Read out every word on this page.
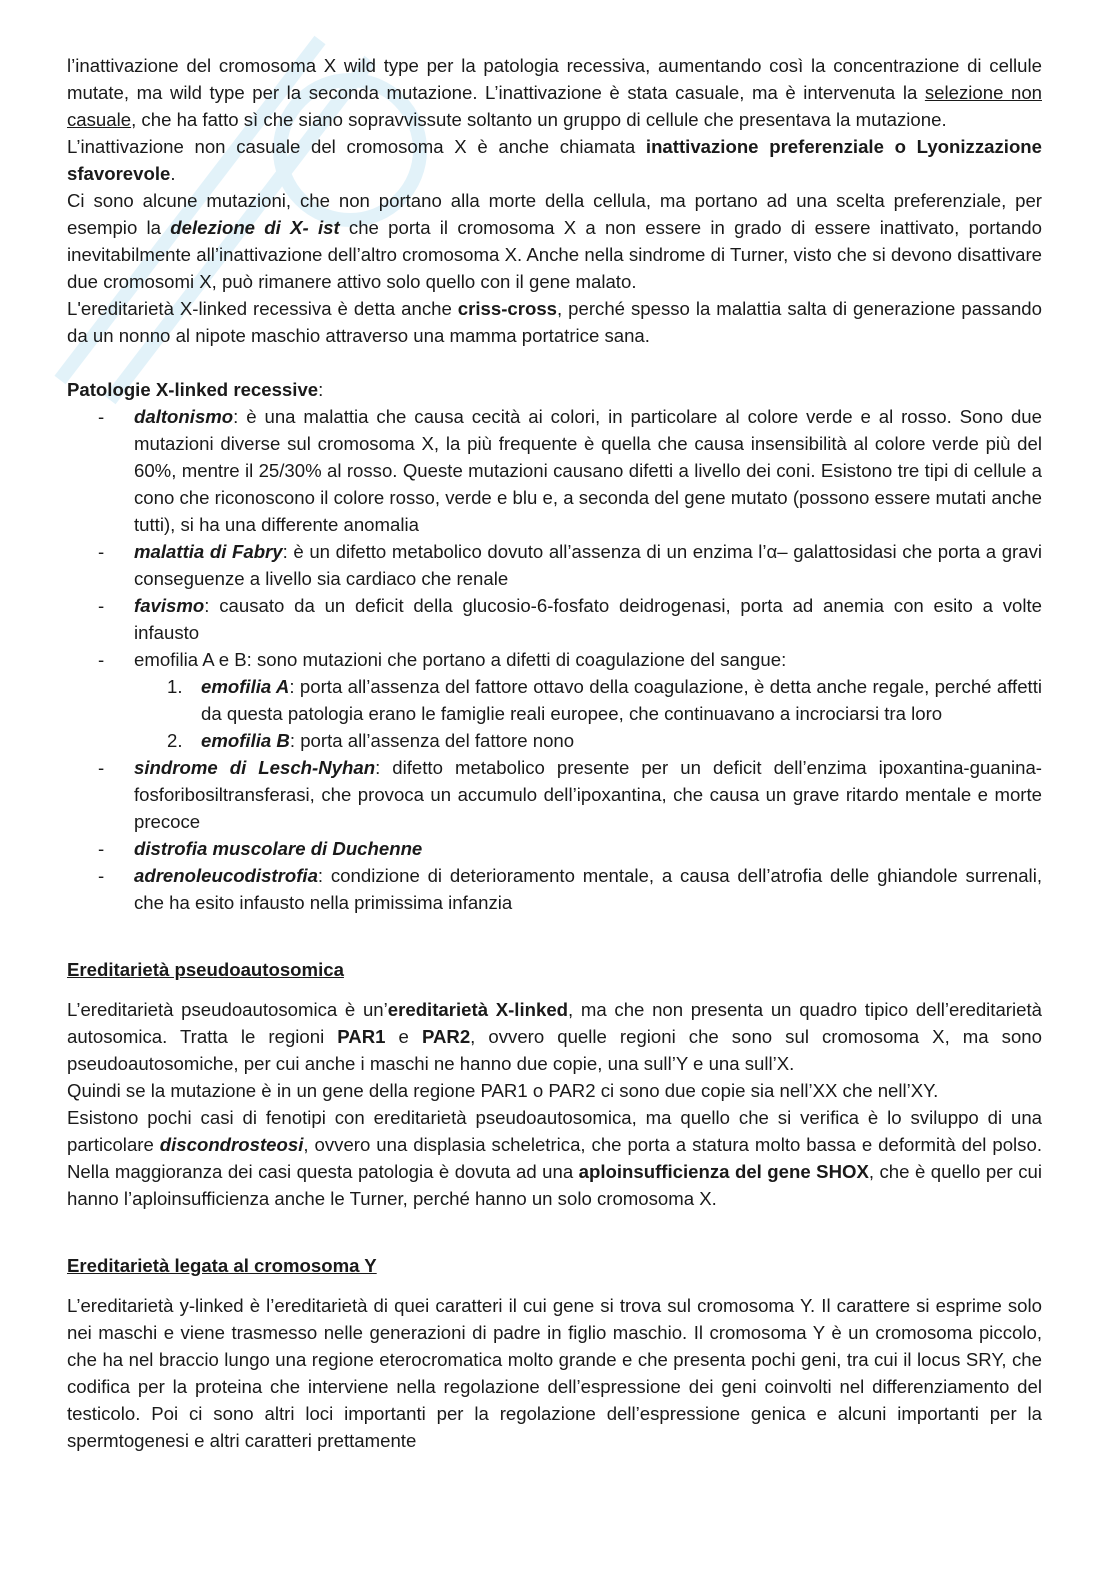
l’inattivazione del cromosoma X wild type per la patologia recessiva, aumentando così la concentrazione di cellule mutate, ma wild type per la seconda mutazione. L’inattivazione è stata casuale, ma è intervenuta la selezione non casuale, che ha fatto sì che siano sopravvissute soltanto un gruppo di cellule che presentava la mutazione.

L’inattivazione non casuale del cromosoma X è anche chiamata inattivazione preferenziale o Lyonizzazione sfavorevole.

Ci sono alcune mutazioni, che non portano alla morte della cellula, ma portano ad una scelta preferenziale, per esempio la delezione di X- ist che porta il cromosoma X a non essere in grado di essere inattivato, portando inevitabilmente all’inattivazione dell’altro cromosoma X. Anche nella sindrome di Turner, visto che si devono disattivare due cromosomi X, può rimanere attivo solo quello con il gene malato.

L'ereditarietà X-linked recessiva è detta anche criss-cross, perché spesso la malattia salta di generazione passando da un nonno al nipote maschio attraverso una mamma portatrice sana.

Patologie X-linked recessive:

- daltonismo: è una malattia che causa cecità ai colori, in particolare al colore verde e al rosso. Sono due mutazioni diverse sul cromosoma X, la più frequente è quella che causa insensibilità al colore verde più del 60%, mentre il 25/30% al rosso. Queste mutazioni causano difetti a livello dei coni. Esistono tre tipi di cellule a cono che riconoscono il colore rosso, verde e blu e, a seconda del gene mutato (possono essere mutati anche tutti), si ha una differente anomalia
- malattia di Fabry: è un difetto metabolico dovuto all’assenza di un enzima l’α– galattosidasi che porta a gravi conseguenze a livello sia cardiaco che renale
- favismo: causato da un deficit della glucosio-6-fosfato deidrogenasi, porta ad anemia con esito a volte infausto
- emofilia A e B: sono mutazioni che portano a difetti di coagulazione del sangue:
1. emofilia A: porta all’assenza del fattore ottavo della coagulazione, è detta anche regale, perché affetti da questa patologia erano le famiglie reali europee, che continuavano a incrociarsi tra loro
2. emofilia B: porta all’assenza del fattore nono
- sindrome di Lesch-Nyhan: difetto metabolico presente per un deficit dell’enzima ipoxantina-guanina-fosforibosiltransferasi, che provoca un accumulo dell’ipoxantina, che causa un grave ritardo mentale e morte precoce
- distrofia muscolare di Duchenne
- adrenoleucodistrofia: condizione di deterioramento mentale, a causa dell’atrofia delle ghiandole surrenali, che ha esito infausto nella primissima infanzia

Ereditarietà pseudoautosomica

L’ereditarietà pseudoautosomica è un’ereditarietà X-linked, ma che non presenta un quadro tipico dell’ereditarietà autosomica. Tratta le regioni PAR1 e PAR2, ovvero quelle regioni che sono sul cromosoma X, ma sono pseudoautosomiche, per cui anche i maschi ne hanno due copie, una sull’Y e una sull’X.

Quindi se la mutazione è in un gene della regione PAR1 o PAR2 ci sono due copie sia nell’XX che nell’XY.

Esistono pochi casi di fenotipi con ereditarietà pseudoautosomica, ma quello che si verifica è lo sviluppo di una particolare discondrosteosi, ovvero una displasia scheletrica, che porta a statura molto bassa e deformità del polso. Nella maggioranza dei casi questa patologia è dovuta ad una aploinsufficienza del gene SHOX, che è quello per cui hanno l’aploinsufficienza anche le Turner, perché hanno un solo cromosoma X.

Ereditarietà legata al cromosoma Y

L’ereditarietà y-linked è l’ereditarietà di quei caratteri il cui gene si trova sul cromosoma Y. Il carattere si esprime solo nei maschi e viene trasmesso nelle generazioni di padre in figlio maschio. Il cromosoma Y è un cromosoma piccolo, che ha nel braccio lungo una regione eterocromatica molto grande e che presenta pochi geni, tra cui il locus SRY, che codifica per la proteina che interviene nella regolazione dell’espressione dei geni coinvolti nel differenziamento del testicolo. Poi ci sono altri loci importanti per la regolazione dell’espressione genica e alcuni importanti per la spermtogenesi e altri caratteri prettamente
